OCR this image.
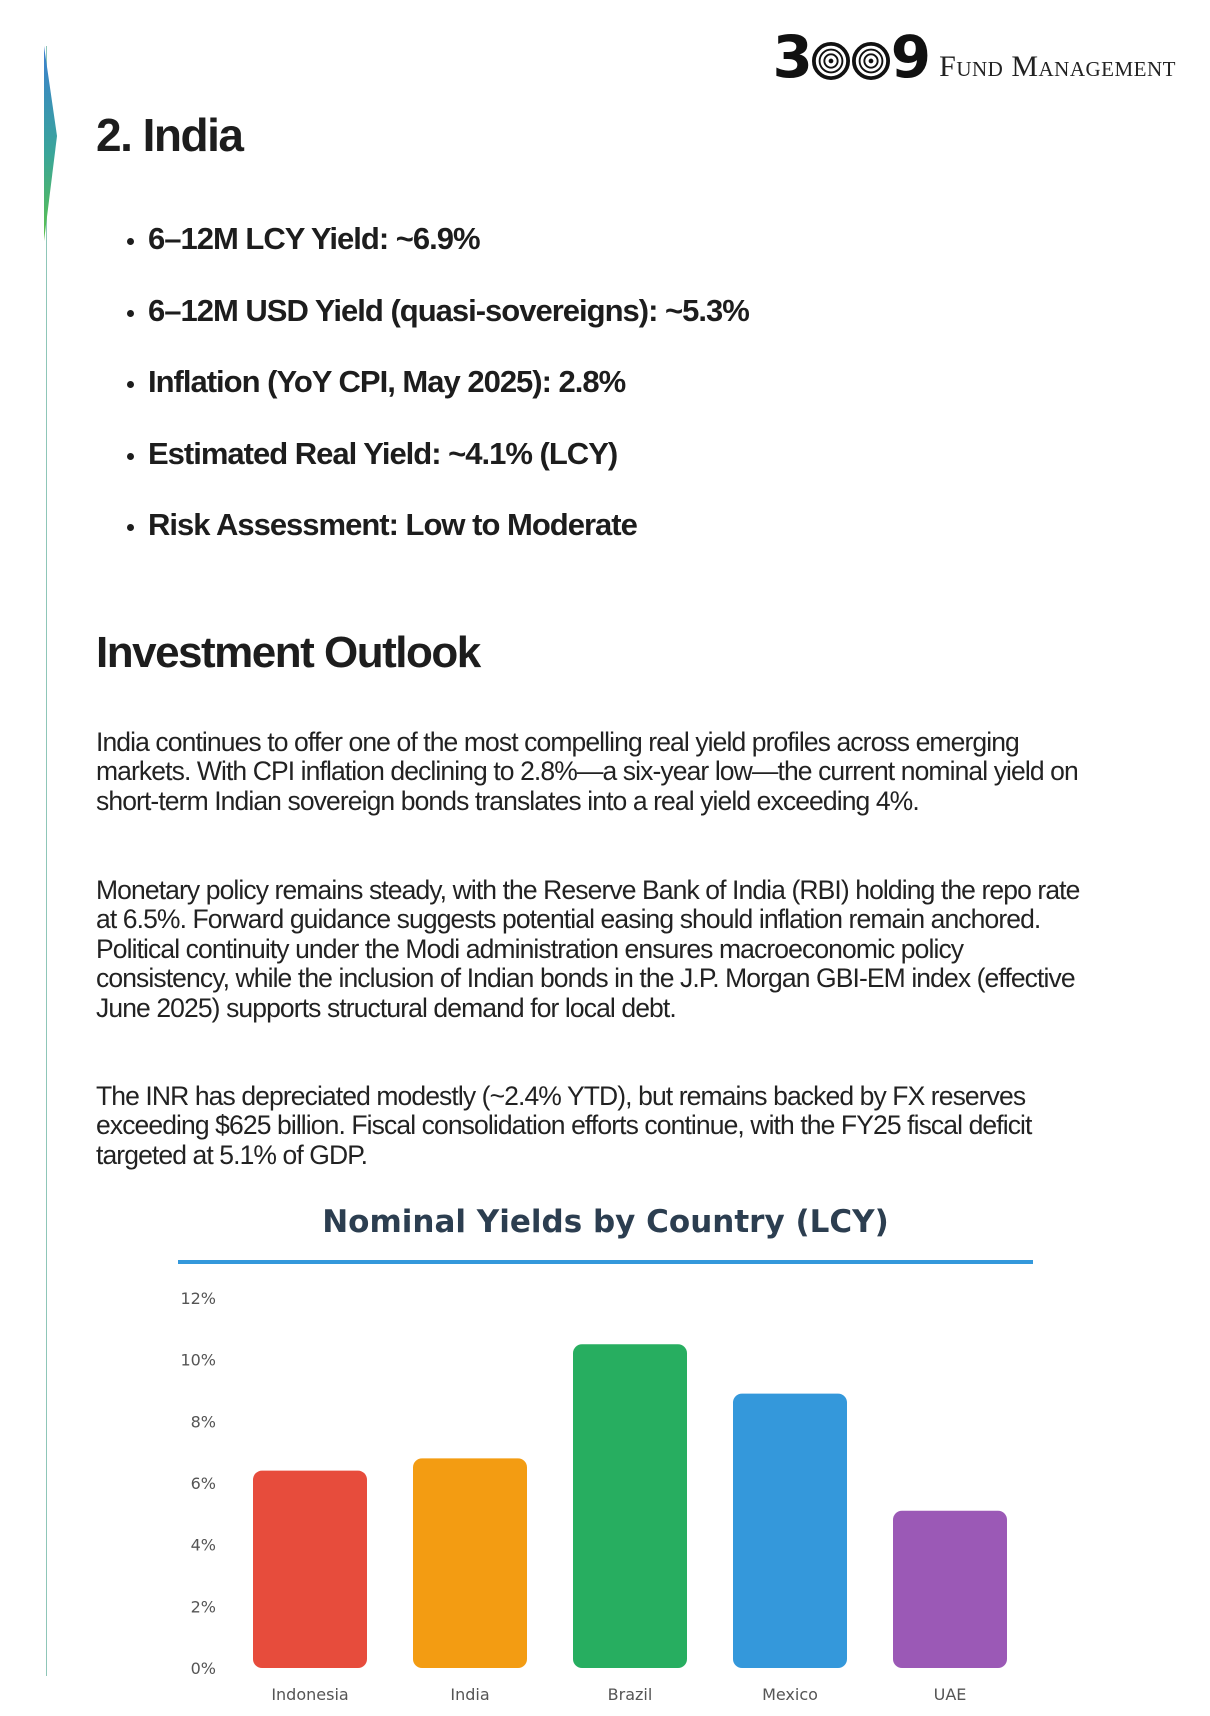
3 9 Fund Management
2. India
• 6–12M LCY Yield: ~6.9%
• 6–12M USD Yield (quasi-sovereigns): ~5.3%
• Inflation (YoY CPI, May 2025): 2.8%
• Estimated Real Yield: ~4.1% (LCY)
• Risk Assessment: Low to Moderate
Investment Outlook

India continues to offer one of the most compelling real yield profiles across emerging markets. With CPI inflation declining to 2.8%—a six-year low—the current nominal yield on short-term Indian sovereign bonds translates into a real yield exceeding 4%.

Monetary policy remains steady, with the Reserve Bank of India (RBI) holding the repo rate at 6.5%. Forward guidance suggests potential easing should inflation remain anchored. Political continuity under the Modi administration ensures macroeconomic policy consistency, while the inclusion of Indian bonds in the J.P. Morgan GBI-EM index (effective June 2025) supports structural demand for local debt.

The INR has depreciated modestly (~2.4% YTD), but remains backed by FX reserves exceeding $625 billion. Fiscal consolidation efforts continue, with the FY25 fiscal deficit targeted at 5.1% of GDP.

Nominal Yields by Country (LCY)
0%
2%
4%
6%
8%
10%
12%
Indonesia	India	Brazil	Mexico	UAE
